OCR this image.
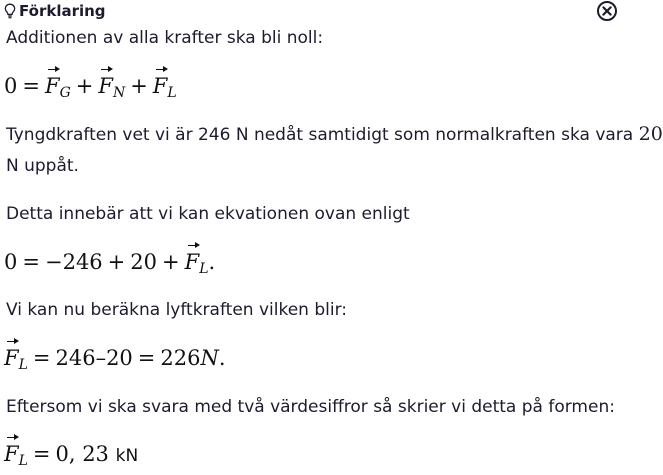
Förklaring
Additionen av alla krafter ska bli noll:
$0 = F_G + F_N + F_L$
Tyngdkraften vet vi är 246 N nedåt samtidigt som normalkraften ska vara 20
N uppåt.
Detta innebär att vi kan ekvationen ovan enligt
$0 = -246 + 20 + F_L$.
Vi kan nu beräkna lyftkraften vilken blir:
$F_L = 246-20 = 226N$.
Eftersom vi ska svara med två värdesiffror så skrier vi detta på formen:
$F_L = 0$, 23 kN
